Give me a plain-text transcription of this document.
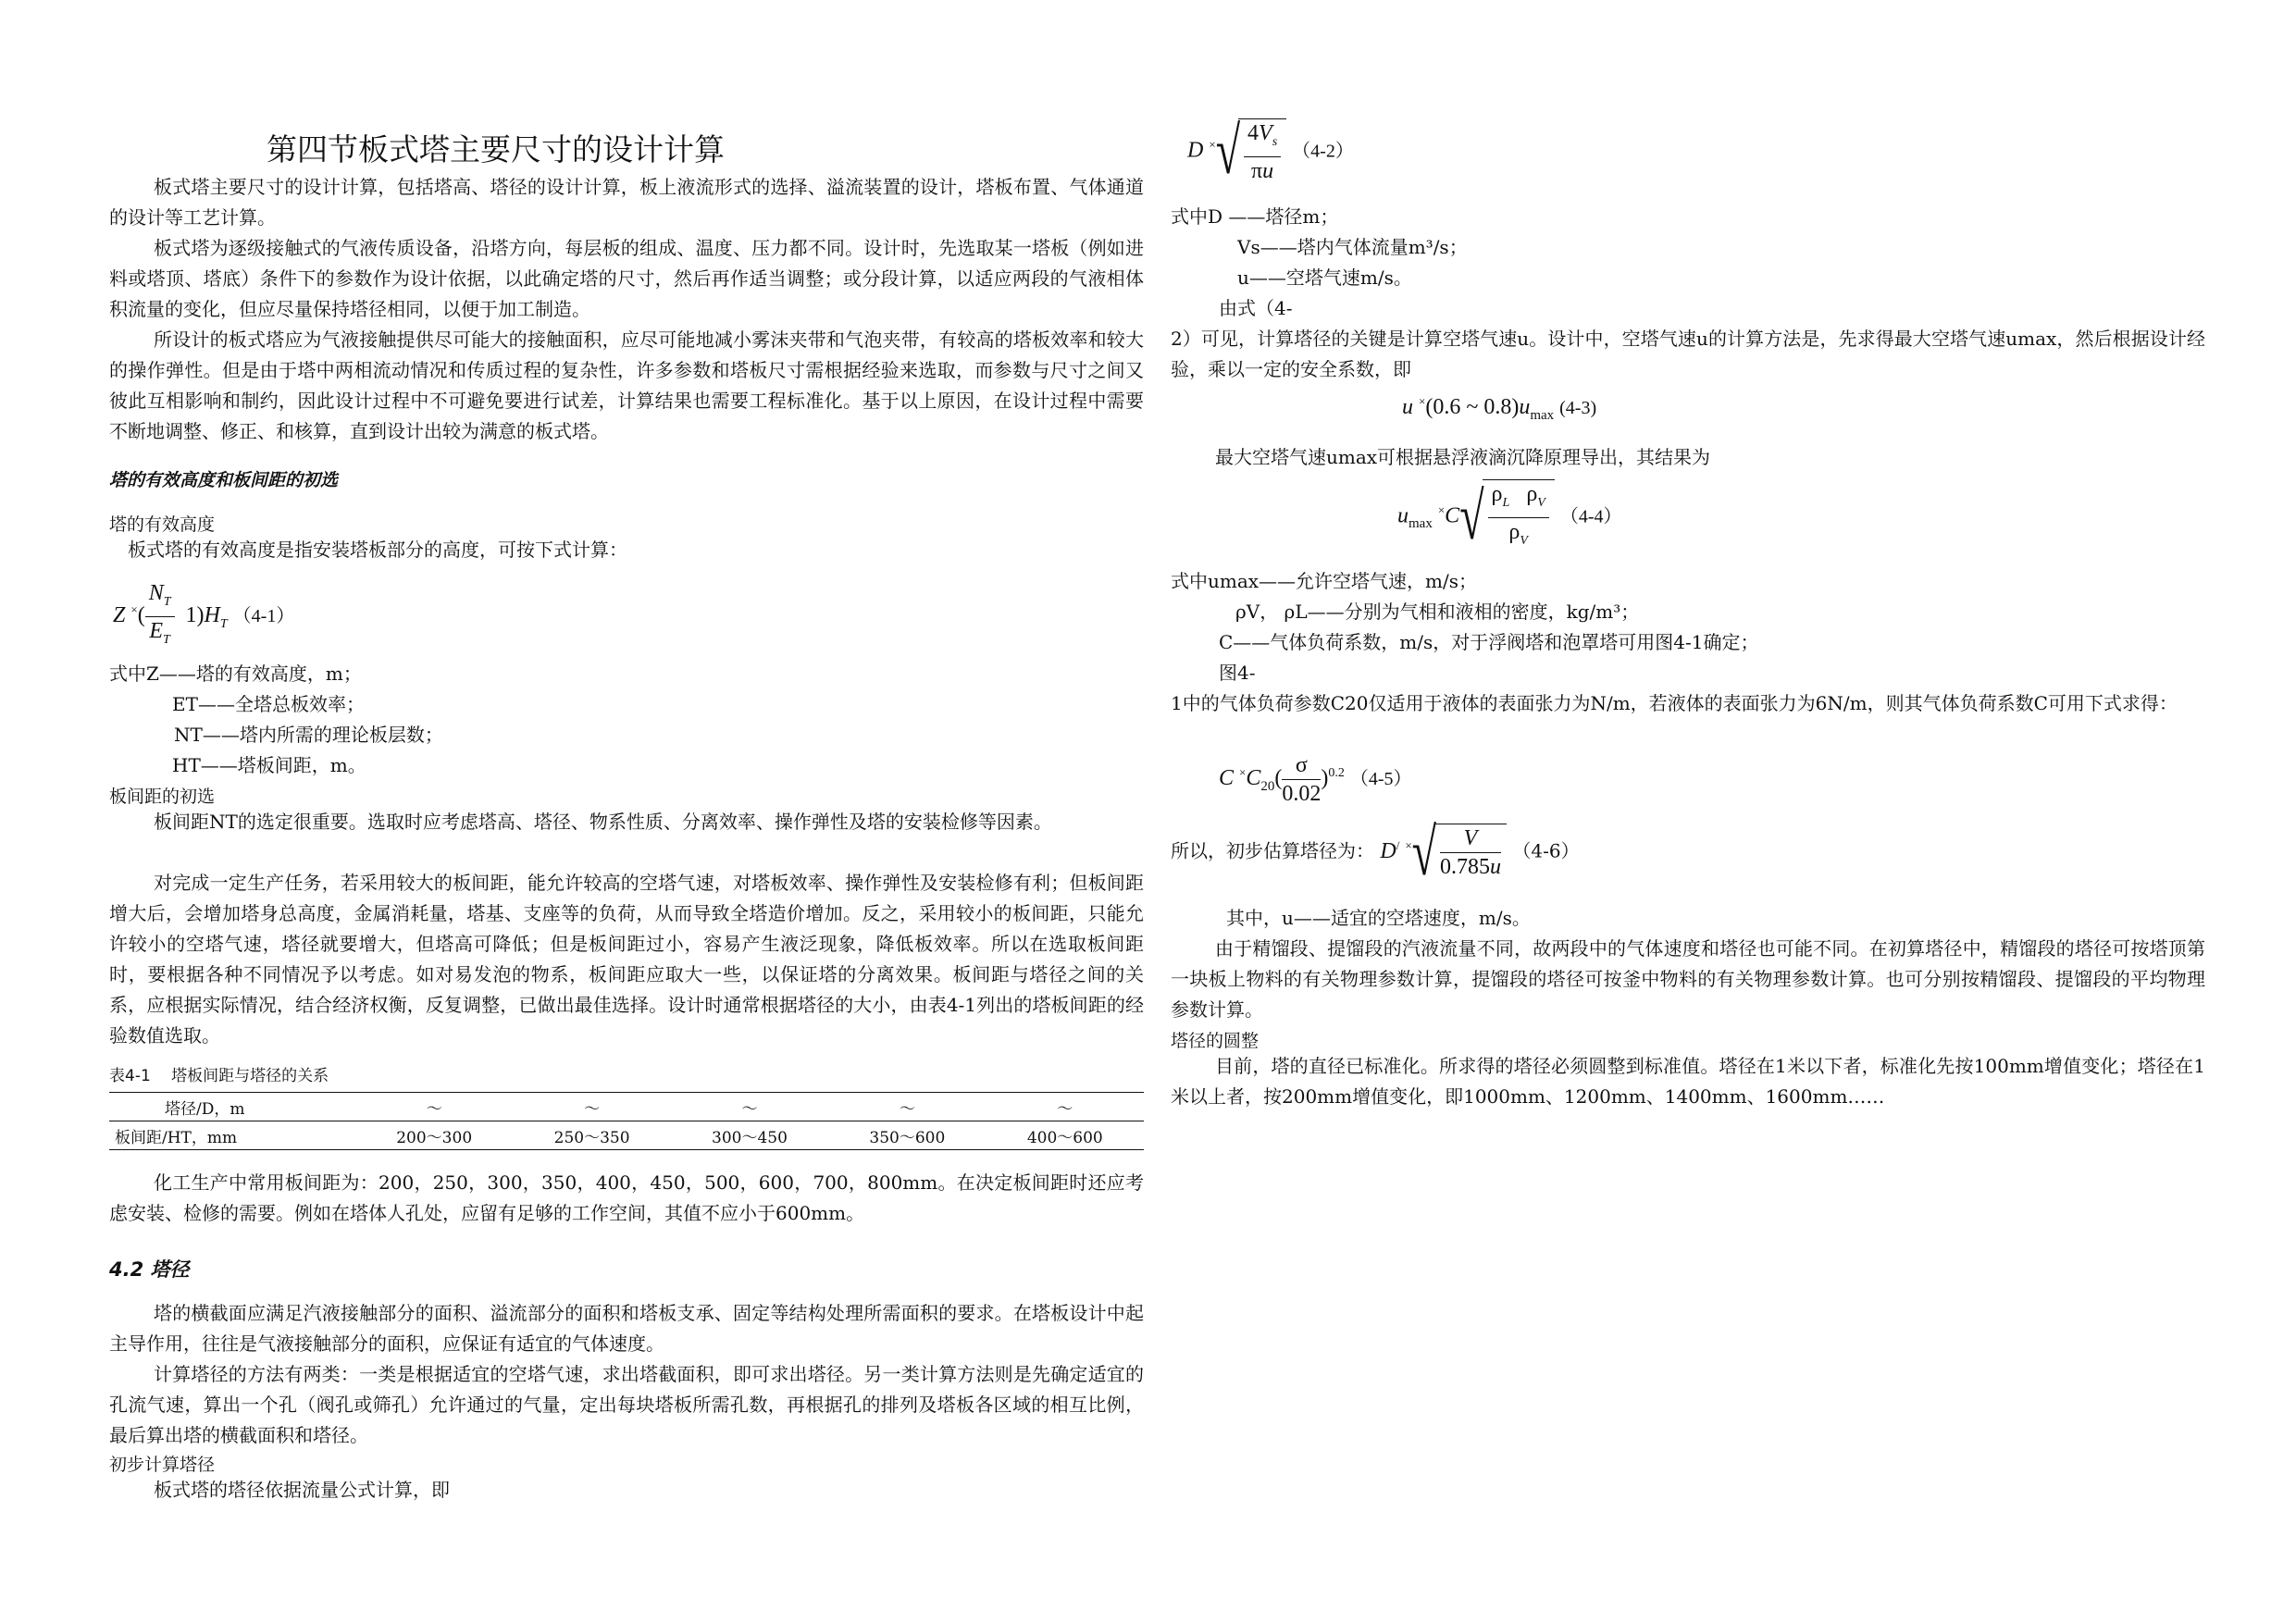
第四节板式塔主要尺寸的设计计算

板式塔主要尺寸的设计计算，包括塔高、塔径的设计计算，板上液流形式的选择、溢流装置的设计，塔板布置、气体通道的设计等工艺计算。

板式塔为逐级接触式的气液传质设备，沿塔方向，每层板的组成、温度、压力都不同。设计时，先选取某一塔板（例如进料或塔顶、塔底）条件下的参数作为设计依据，以此确定塔的尺寸，然后再作适当调整；或分段计算，以适应两段的气液相体积流量的变化，但应尽量保持塔径相同，以便于加工制造。

所设计的板式塔应为气液接触提供尽可能大的接触面积，应尽可能地减小雾沫夹带和气泡夹带，有较高的塔板效率和较大的操作弹性。但是由于塔中两相流动情况和传质过程的复杂性，许多参数和塔板尺寸需根据经验来选取，而参数与尺寸之间又彼此互相影响和制约，因此设计过程中不可避免要进行试差，计算结果也需要工程标准化。基于以上原因，在设计过程中需要不断地调整、修正、和核算，直到设计出较为满意的板式塔。

塔的有效高度和板间距的初选
塔的有效高度

板式塔的有效高度是指安装塔板部分的高度，可按下式计算：

Z $^\times( \frac{N_T}{E_T} 1)H_T$ （4-1）

式中Z——塔的有效高度，m；

ET——全塔总板效率；

NT——塔内所需的理论板层数；

HT——塔板间距，m。

板间距的初选

板间距NT的选定很重要。选取时应考虑塔高、塔径、物系性质、分离效率、操作弹性及塔的安装检修等因素。

对完成一定生产任务，若采用较大的板间距，能允许较高的空塔气速，对塔板效率、操作弹性及安装检修有利；但板间距增大后，会增加塔身总高度，金属消耗量，塔基、支座等的负荷，从而导致全塔造价增加。反之，采用较小的板间距，只能允许较小的空塔气速，塔径就要增大，但塔高可降低；但是板间距过小，容易产生液泛现象，降低板效率。所以在选取板间距时，要根据各种不同情况予以考虑。如对易发泡的物系，板间距应取大一些，以保证塔的分离效果。板间距与塔径之间的关系，应根据实际情况，结合经济权衡，反复调整，已做出最佳选择。设计时通常根据塔径的大小，由表4-1列出的塔板间距的经验数值选取。

表4-1　 塔板间距与塔径的关系
塔径/D，m	～	～	～	～	～
板间距/HT，mm	200～300	250～350	300～450	350～600	400～600

化工生产中常用板间距为：200，250，300，350，400，450，500，600，700，800mm。在决定板间距时还应考虑安装、检修的需要。例如在塔体人孔处，应留有足够的工作空间，其值不应小于600mm。

4.2 塔径

塔的横截面应满足汽液接触部分的面积、溢流部分的面积和塔板支承、固定等结构处理所需面积的要求。在塔板设计中起主导作用，往往是气液接触部分的面积，应保证有适宜的气体速度。

计算塔径的方法有两类：一类是根据适宜的空塔气速，求出塔截面积，即可求出塔径。另一类计算方法则是先确定适宜的孔流气速，算出一个孔（阀孔或筛孔）允许通过的气量，定出每块塔板所需孔数，再根据孔的排列及塔板各区域的相互比例，最后算出塔的横截面积和塔径。

初步计算塔径

板式塔的塔径依据流量公式计算，即

D $^\times√ \frac{4V_s}{\pi u} (4-2)$

式中D ——塔径m；

Vs——塔内气体流量m³/s；

u——空塔气速m/s。

由式（4-

2）可见，计算塔径的关键是计算空塔气速u。设计中，空塔气速u的计算方法是，先求得最大空塔气速umax，然后根据设计经验，乘以一定的安全系数，即

u ×(0.6 ~ $0.8)u_{max}$ (4-3)

最大空塔气速umax可根据悬浮液滴沉降原理导出，其结果为

$u_{max}$ $^\times C√ \frac{\rho_L \rho_V}{\rho_V} (4-4)$

式中umax——允许空塔气速，m/s；

ρV， ρL——分别为气相和液相的密度，kg/m³；

C——气体负荷系数，m/s，对于浮阀塔和泡罩塔可用图4-1确定；

图4-

1中的气体负荷参数C20仅适用于液体的表面张力为N/m，若液体的表面张力为6N/m，则其气体负荷系数C可用下式求得：

C $^\times C_{20}( \frac{\sigma}{0.02} )^{0.2}$ （4-5）
所以，初步估算塔径为： D/ $^\times√ \frac{V}{0.785u} (4-6)$

其中，u——适宜的空塔速度，m/s。

由于精馏段、提馏段的汽液流量不同，故两段中的气体速度和塔径也可能不同。在初算塔径中，精馏段的塔径可按塔顶第一块板上物料的有关物理参数计算，提馏段的塔径可按釜中物料的有关物理参数计算。也可分别按精馏段、提馏段的平均物理参数计算。

塔径的圆整

目前，塔的直径已标准化。所求得的塔径必须圆整到标准值。塔径在1米以下者，标准化先按100mm增值变化；塔径在1米以上者，按200mm增值变化，即1000mm、1200mm、1400mm、1600mm……
